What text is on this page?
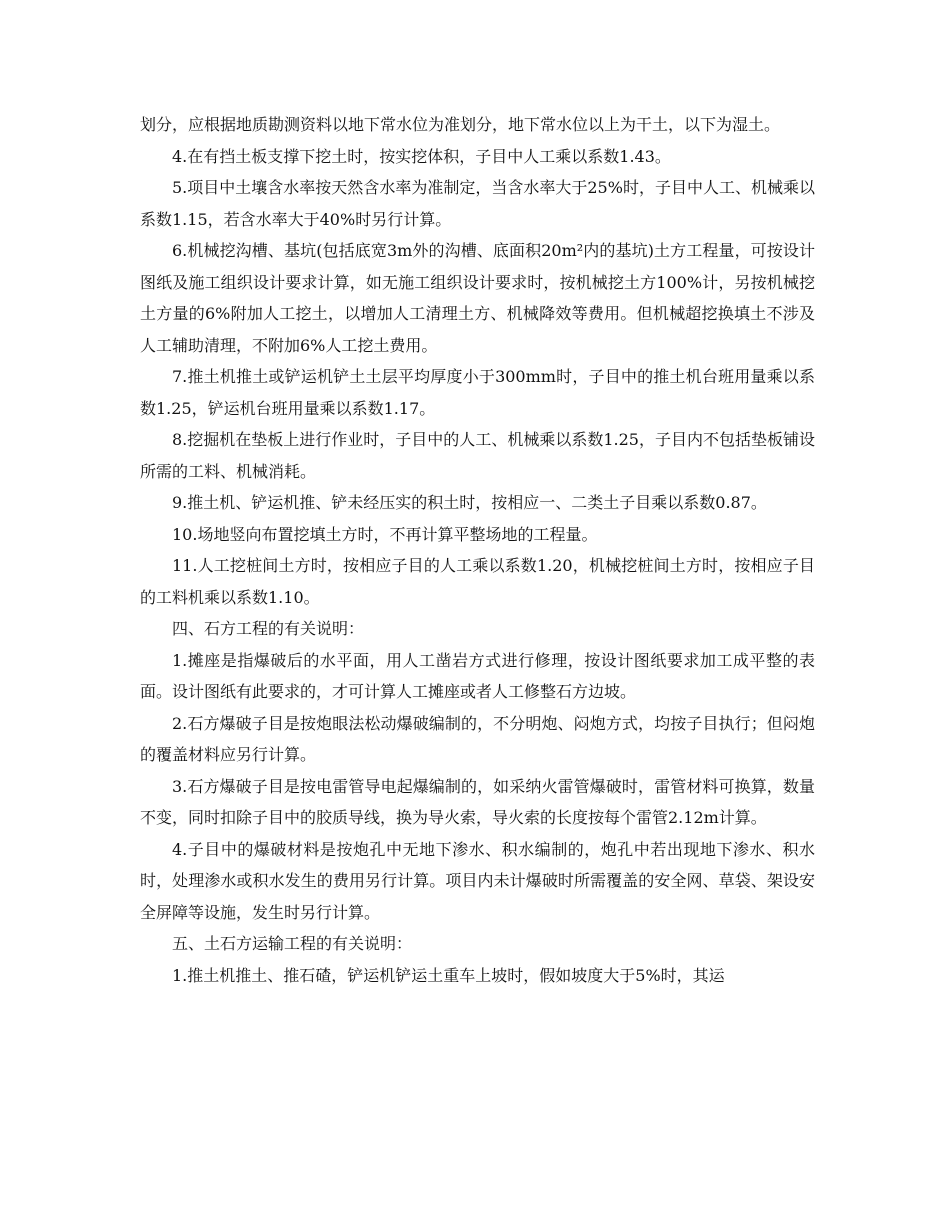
划分，应根据地质勘测资料以地下常水位为准划分，地下常水位以上为干土，以下为湿土。

4.在有挡土板支撑下挖土时，按实挖体积，子目中人工乘以系数1.43。

5.项目中土壤含水率按天然含水率为准制定，当含水率大于25%时，子目中人工、机械乘以系数1.15，若含水率大于40%时另行计算。

6.机械挖沟槽、基坑(包括底宽3m外的沟槽、底面积20m²内的基坑)土方工程量，可按设计图纸及施工组织设计要求计算，如无施工组织设计要求时，按机械挖土方100%计，另按机械挖土方量的6%附加人工挖土，以增加人工清理土方、机械降效等费用。但机械超挖换填土不涉及人工辅助清理，不附加6%人工挖土费用。

7.推土机推土或铲运机铲土土层平均厚度小于300mm时，子目中的推土机台班用量乘以系数1.25，铲运机台班用量乘以系数1.17。

8.挖掘机在垫板上进行作业时，子目中的人工、机械乘以系数1.25，子目内不包括垫板铺设所需的工料、机械消耗。

9.推土机、铲运机推、铲未经压实的积土时，按相应一、二类土子目乘以系数0.87。

10.场地竖向布置挖填土方时，不再计算平整场地的工程量。

11.人工挖桩间土方时，按相应子目的人工乘以系数1.20，机械挖桩间土方时，按相应子目的工料机乘以系数1.10。

四、石方工程的有关说明：

1.摊座是指爆破后的水平面，用人工凿岩方式进行修理，按设计图纸要求加工成平整的表面。设计图纸有此要求的，才可计算人工摊座或者人工修整石方边坡。

2.石方爆破子目是按炮眼法松动爆破编制的，不分明炮、闷炮方式，均按子目执行；但闷炮的覆盖材料应另行计算。

3.石方爆破子目是按电雷管导电起爆编制的，如采纳火雷管爆破时，雷管材料可换算，数量不变，同时扣除子目中的胶质导线，换为导火索，导火索的长度按每个雷管2.12m计算。

4.子目中的爆破材料是按炮孔中无地下渗水、积水编制的，炮孔中若出现地下渗水、积水时，处理渗水或积水发生的费用另行计算。项目内未计爆破时所需覆盖的安全网、草袋、架设安全屏障等设施，发生时另行计算。

五、土石方运输工程的有关说明：

1.推土机推土、推石碴，铲运机铲运土重车上坡时，假如坡度大于5%时，其运
